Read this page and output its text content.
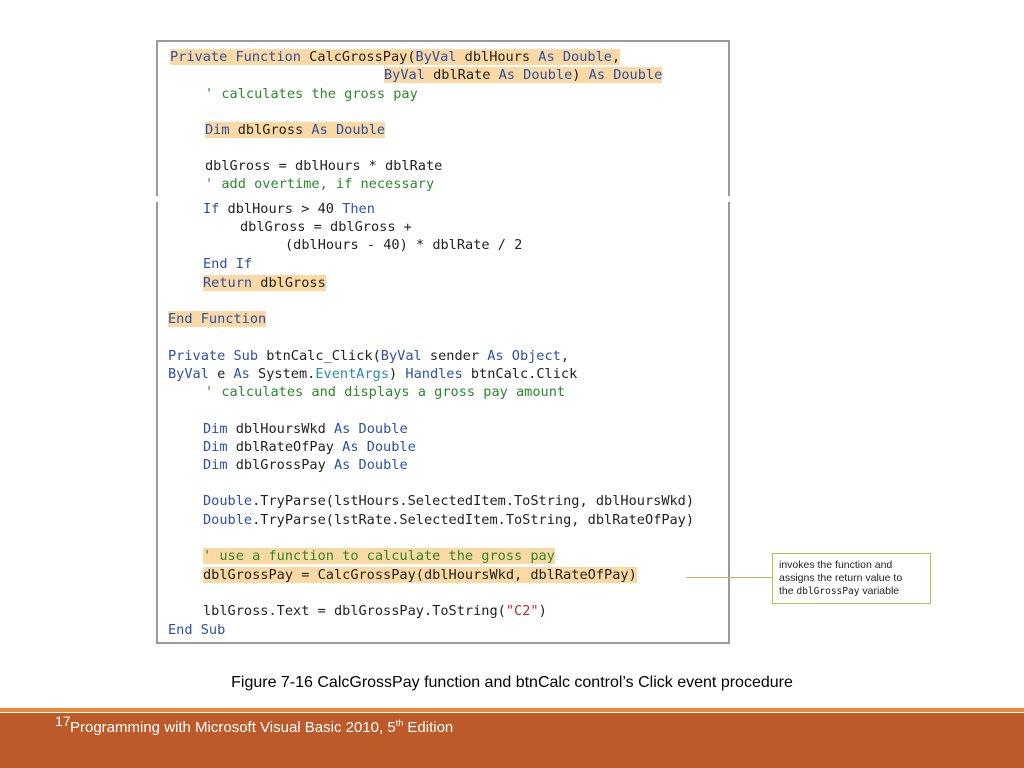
Private Function CalcGrossPay(ByVal dblHours As Double,
ByVal dblRate As Double) As Double
' calculates the gross pay
Dim dblGross As Double
dblGross = dblHours * dblRate
' add overtime, if necessary
If dblHours > 40 Then
dblGross = dblGross +
(dblHours - 40) * dblRate / 2
End If
Return dblGross
End Function
Private Sub btnCalc_Click(ByVal sender As Object,
ByVal e As System.EventArgs) Handles btnCalc.Click
' calculates and displays a gross pay amount
Dim dblHoursWkd As Double
Dim dblRateOfPay As Double
Dim dblGrossPay As Double
Double.TryParse(lstHours.SelectedItem.ToString, dblHoursWkd)
Double.TryParse(lstRate.SelectedItem.ToString, dblRateOfPay)
' use a function to calculate the gross pay
dblGrossPay = CalcGrossPay(dblHoursWkd, dblRateOfPay)
lblGross.Text = dblGrossPay.ToString("C2")
End Sub
invokes the function and
assigns the return value to
the dblGrossPay variable
Figure 7-16 CalcGrossPay function and btnCalc control’s Click event procedure
17 Programming with Microsoft Visual Basic 2010, 5th Edition
